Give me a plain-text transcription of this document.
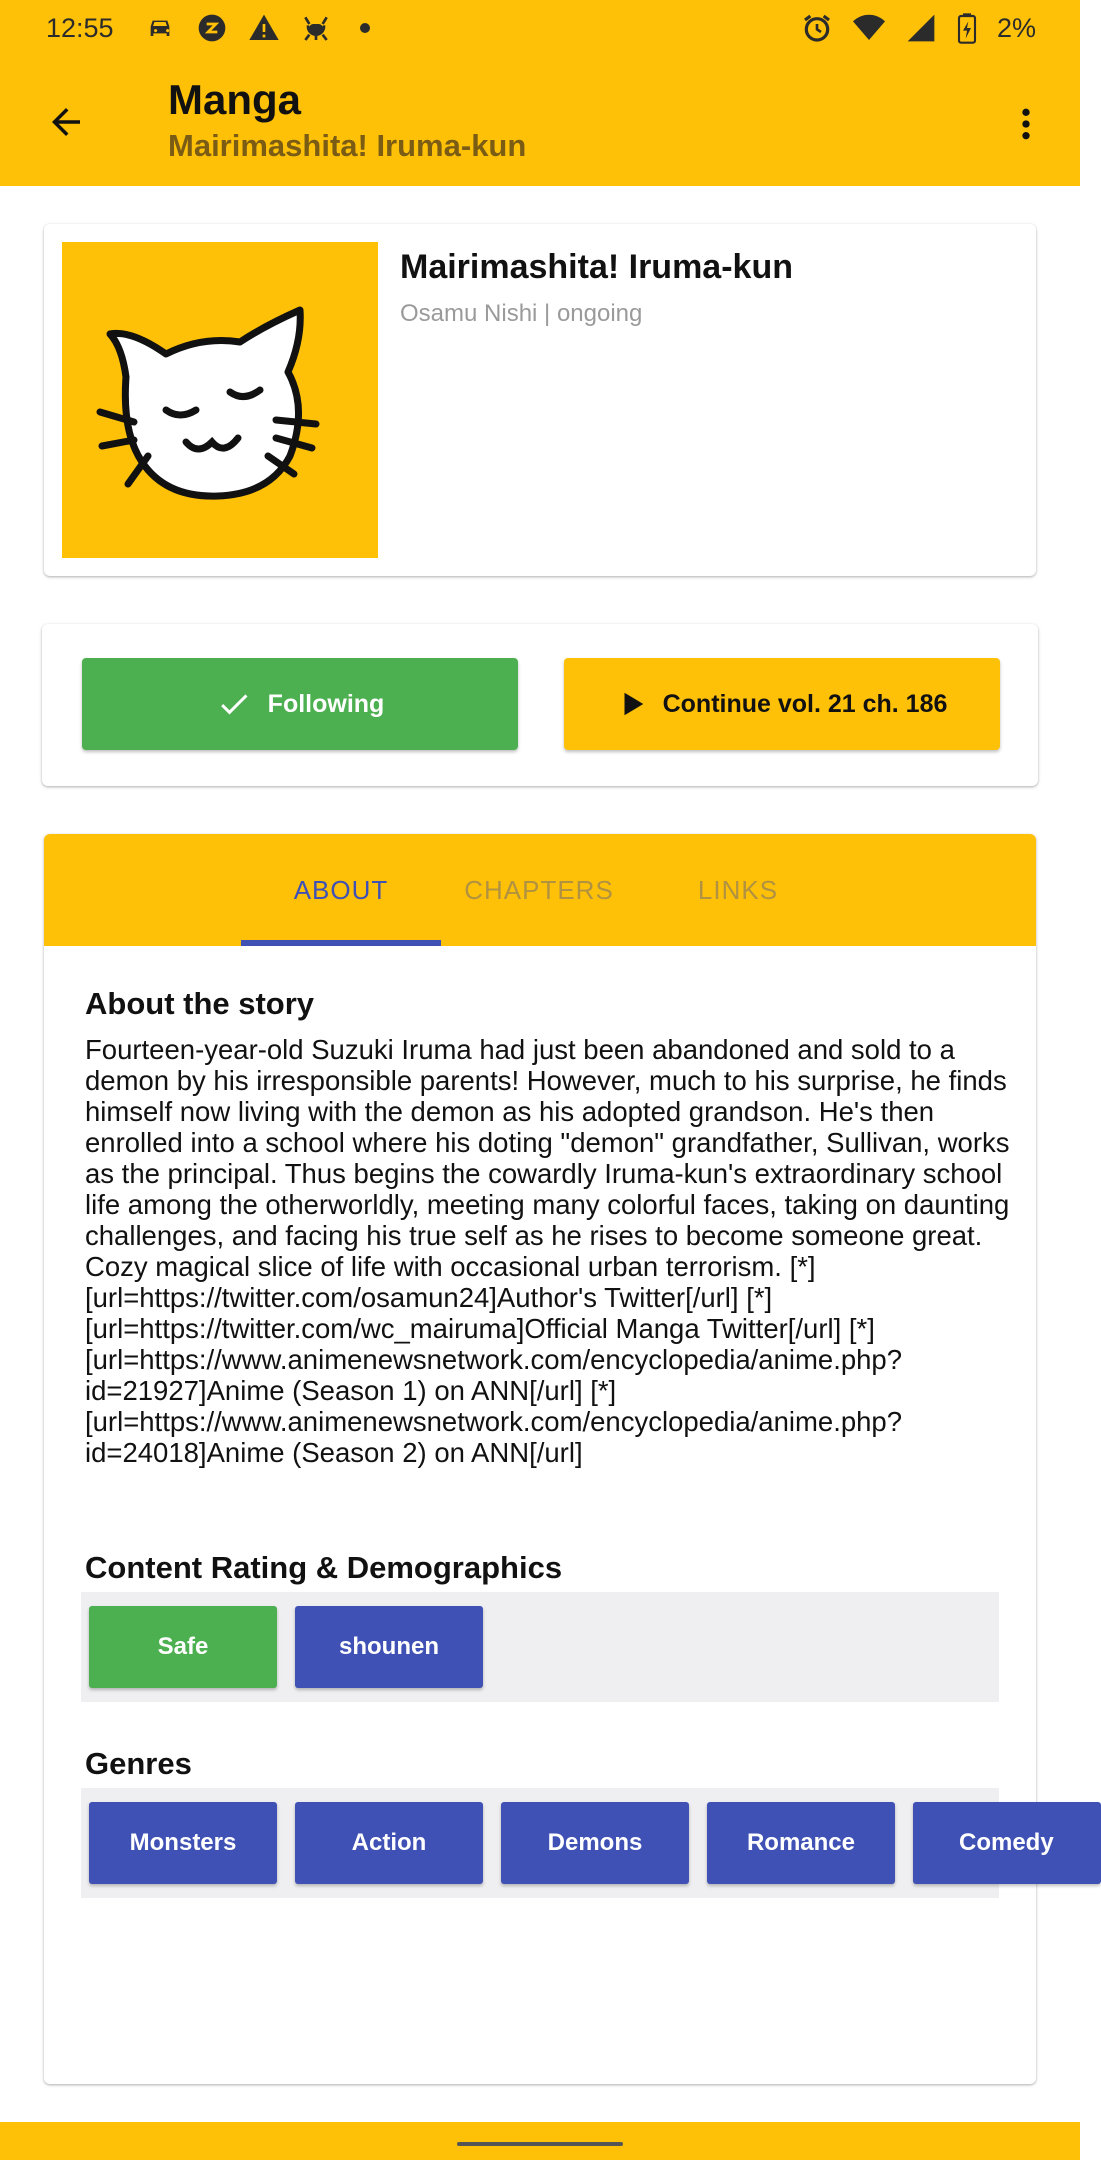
12:55	2%
Manga
Mairimashita! Iruma-kun
Mairimashita! Iruma-kun
Osamu Nishi | ongoing
Following	Continue vol. 21 ch. 186
ABOUT	CHAPTERS	LINKS
About the story
Fourteen-year-old Suzuki Iruma had just been abandoned and sold to a demon by his irresponsible parents! However, much to his surprise, he finds himself now living with the demon as his adopted grandson. He's then enrolled into a school where his doting "demon" grandfather, Sullivan, works as the principal. Thus begins the cowardly Iruma-kun's extraordinary school life among the otherworldly, meeting many colorful faces, taking on daunting challenges, and facing his true self as he rises to become someone great. Cozy magical slice of life with occasional urban terrorism. [*][url=https://twitter.com/osamun24]Author's Twitter[/url] [*][url=https://twitter.com/wc_mairuma]Official Manga Twitter[/url] [*][url=https://www.animenewsnetwork.com/encyclopedia/anime.php?id=21927]Anime (Season 1) on ANN[/url] [*][url=https://www.animenewsnetwork.com/encyclopedia/anime.php?id=24018]Anime (Season 2) on ANN[/url]
Content Rating & Demographics
Safe	shounen
Genres
Monsters	Action	Demons	Romance	Comedy
